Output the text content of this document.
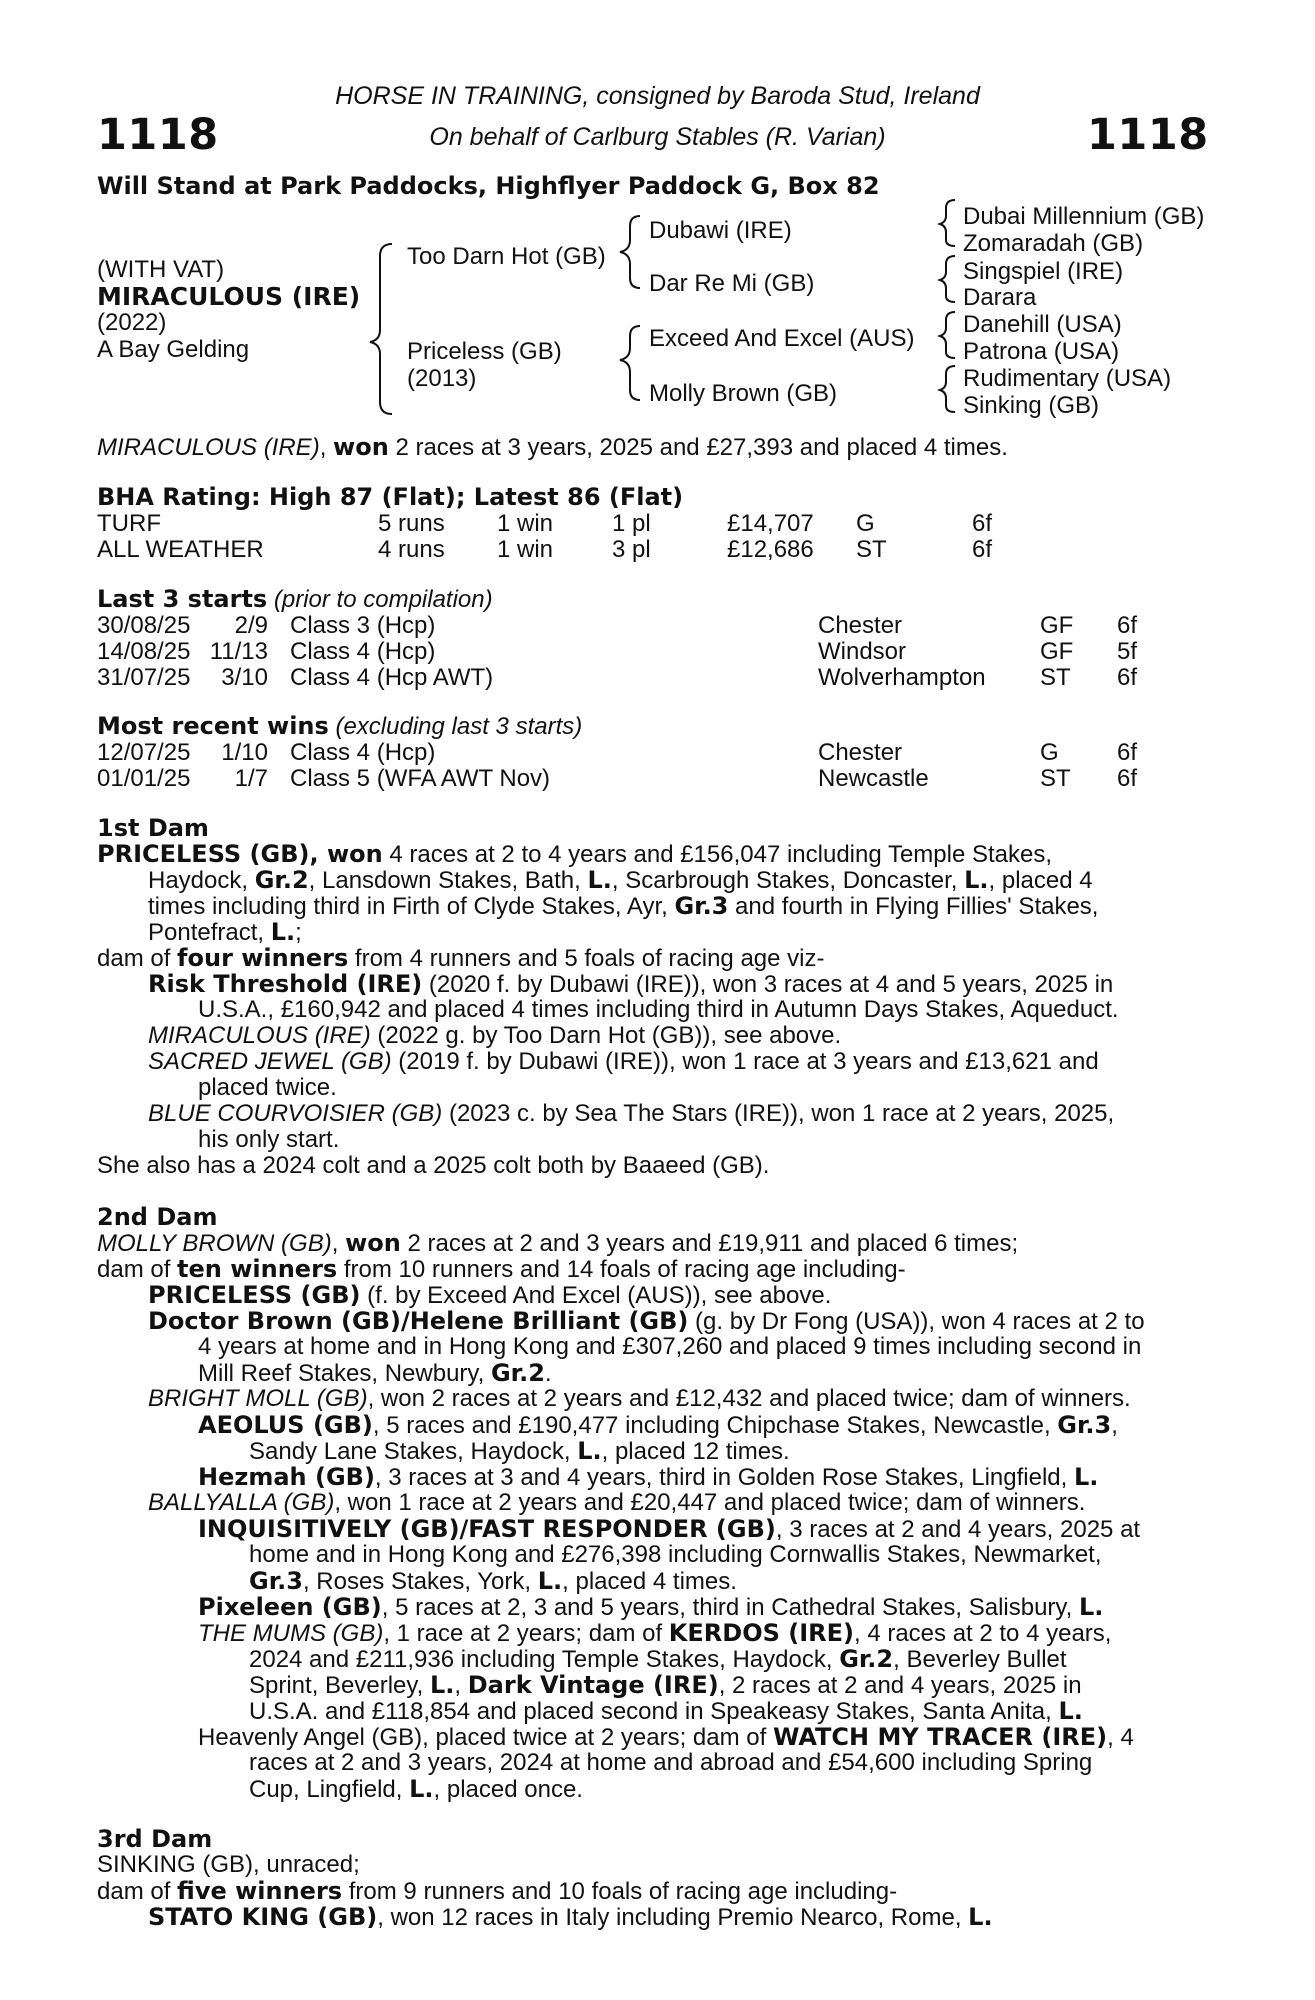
1118	1118
HORSE IN TRAINING, consigned by Baroda Stud, Ireland
On behalf of Carlburg Stables (R. Varian)
Will Stand at Park Paddocks, Highflyer Paddock G, Box 82
(WITH VAT)
MIRACULOUS (IRE)
(2022)
A Bay Gelding
Too Darn Hot (GB)
Priceless (GB)
(2013)
Dubawi (IRE)
Dar Re Mi (GB)
Exceed And Excel (AUS)
Molly Brown (GB)
Dubai Millennium (GB)
Zomaradah (GB)
Singspiel (IRE)
Darara
Danehill (USA)
Patrona (USA)
Rudimentary (USA)
Sinking (GB)
MIRACULOUS (IRE), won 2 races at 3 years, 2025 and £27,393 and placed 4 times.
BHA Rating: High 87 (Flat); Latest 86 (Flat)
TURF	5 runs 1 win 1 pl	£14,707 G	6f
ALL WEATHER	4 runs 1 win 3 pl	£12,686 ST	6f
Last 3 starts (prior to compilation)
30/08/25	2/9 Class 3 (Hcp)	Chester	GF 6f
14/08/25 11/13 Class 4 (Hcp)	Windsor	GF 5f
31/07/25	3/10 Class 4 (Hcp AWT)	Wolverhampton ST 6f
Most recent wins (excluding last 3 starts)
12/07/25	1/10 Class 4 (Hcp)	Chester	G 6f
01/01/25	1/7 Class 5 (WFA AWT Nov)	Newcastle	ST 6f
1st Dam
PRICELESS (GB), won 4 races at 2 to 4 years and £156,047 including Temple Stakes,
Haydock, Gr.2, Lansdown Stakes, Bath, L., Scarbrough Stakes, Doncaster, L., placed 4
times including third in Firth of Clyde Stakes, Ayr, Gr.3 and fourth in Flying Fillies' Stakes,
Pontefract, L.;
dam of four winners from 4 runners and 5 foals of racing age viz-
Risk Threshold (IRE) (2020 f. by Dubawi (IRE)), won 3 races at 4 and 5 years, 2025 in
U.S.A., £160,942 and placed 4 times including third in Autumn Days Stakes, Aqueduct.
MIRACULOUS (IRE) (2022 g. by Too Darn Hot (GB)), see above.
SACRED JEWEL (GB) (2019 f. by Dubawi (IRE)), won 1 race at 3 years and £13,621 and
placed twice.
BLUE COURVOISIER (GB) (2023 c. by Sea The Stars (IRE)), won 1 race at 2 years, 2025,
his only start.
She also has a 2024 colt and a 2025 colt both by Baaeed (GB).
2nd Dam
MOLLY BROWN (GB), won 2 races at 2 and 3 years and £19,911 and placed 6 times;
dam of ten winners from 10 runners and 14 foals of racing age including-
PRICELESS (GB) (f. by Exceed And Excel (AUS)), see above.
Doctor Brown (GB)/Helene Brilliant (GB) (g. by Dr Fong (USA)), won 4 races at 2 to
4 years at home and in Hong Kong and £307,260 and placed 9 times including second in
Mill Reef Stakes, Newbury, Gr.2.
BRIGHT MOLL (GB), won 2 races at 2 years and £12,432 and placed twice; dam of winners.
AEOLUS (GB), 5 races and £190,477 including Chipchase Stakes, Newcastle, Gr.3,
Sandy Lane Stakes, Haydock, L., placed 12 times.
Hezmah (GB), 3 races at 3 and 4 years, third in Golden Rose Stakes, Lingfield, L.
BALLYALLA (GB), won 1 race at 2 years and £20,447 and placed twice; dam of winners.
INQUISITIVELY (GB)/FAST RESPONDER (GB), 3 races at 2 and 4 years, 2025 at
home and in Hong Kong and £276,398 including Cornwallis Stakes, Newmarket,
Gr.3, Roses Stakes, York, L., placed 4 times.
Pixeleen (GB), 5 races at 2, 3 and 5 years, third in Cathedral Stakes, Salisbury, L.
THE MUMS (GB), 1 race at 2 years; dam of KERDOS (IRE), 4 races at 2 to 4 years,
2024 and £211,936 including Temple Stakes, Haydock, Gr.2, Beverley Bullet
Sprint, Beverley, L., Dark Vintage (IRE), 2 races at 2 and 4 years, 2025 in
U.S.A. and £118,854 and placed second in Speakeasy Stakes, Santa Anita, L.
Heavenly Angel (GB), placed twice at 2 years; dam of WATCH MY TRACER (IRE), 4
races at 2 and 3 years, 2024 at home and abroad and £54,600 including Spring
Cup, Lingfield, L., placed once.
3rd Dam
SINKING (GB), unraced;
dam of five winners from 9 runners and 10 foals of racing age including-
STATO KING (GB), won 12 races in Italy including Premio Nearco, Rome, L.
